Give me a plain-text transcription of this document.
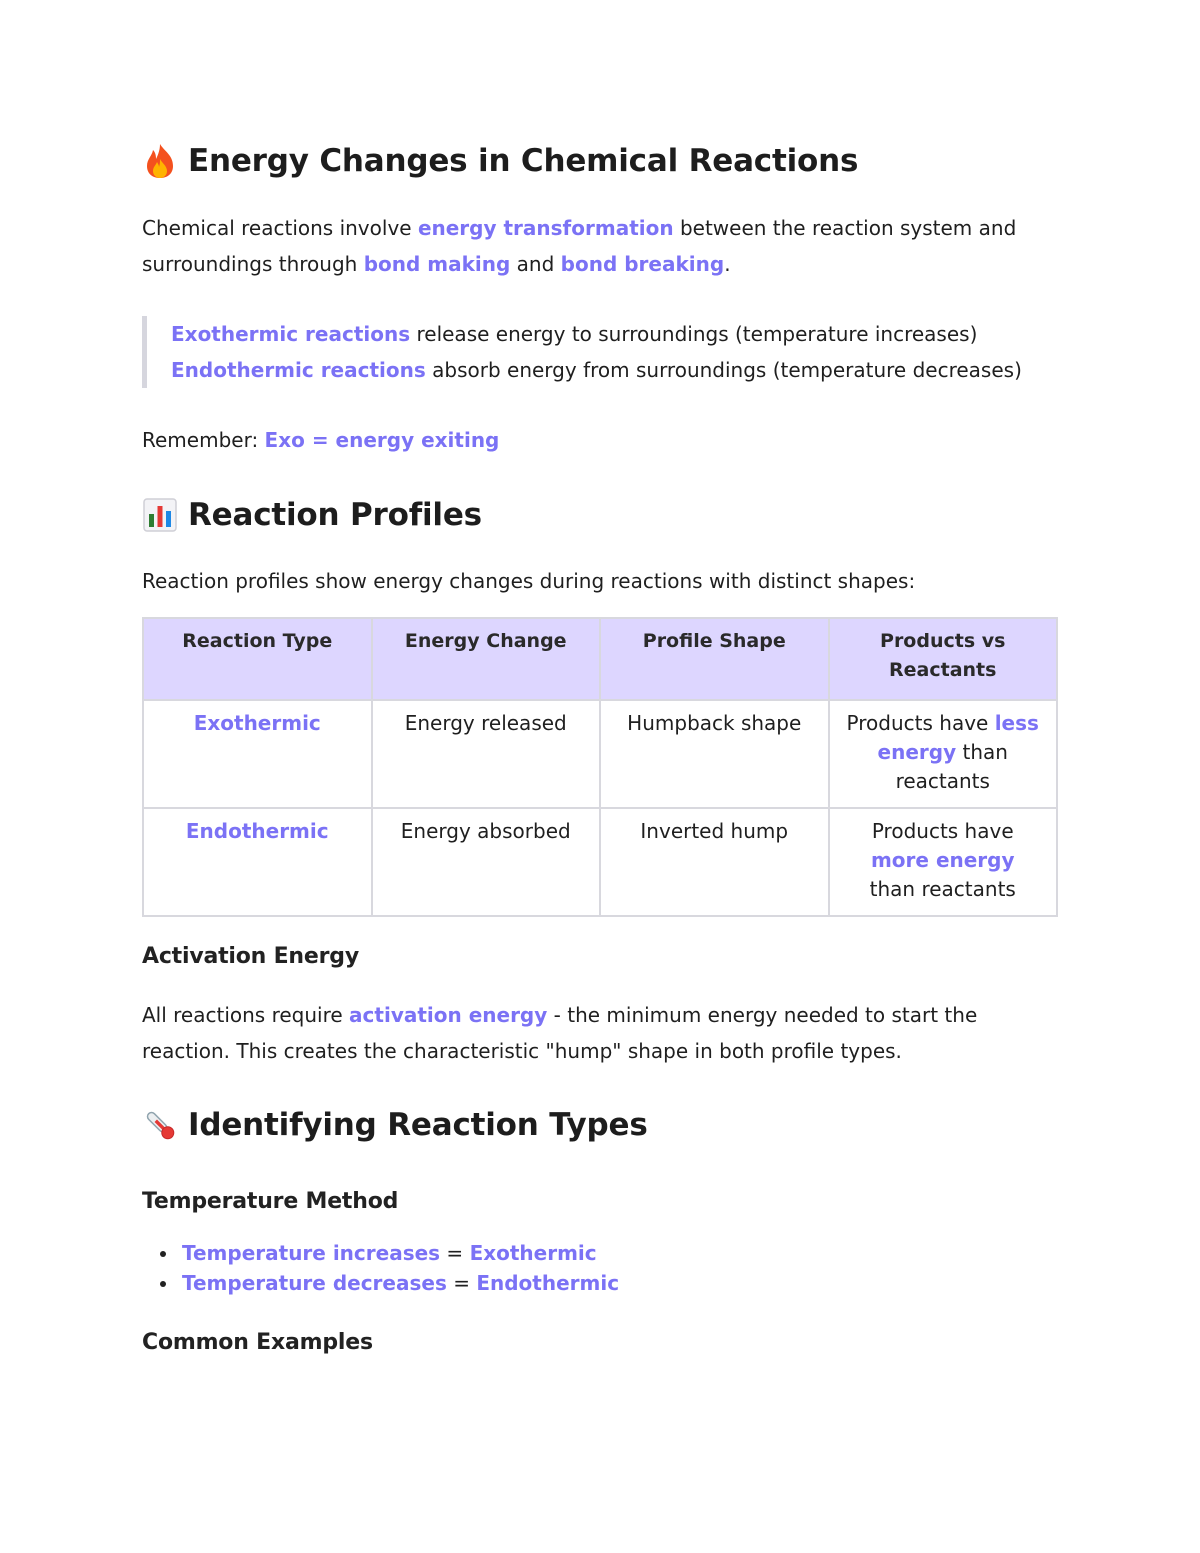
Energy Changes in Chemical Reactions

Chemical reactions involve energy transformation between the reaction system and surroundings through bond making and bond breaking.

Exothermic reactions release energy to surroundings (temperature increases)
Endothermic reactions absorb energy from surroundings (temperature decreases)

Remember: Exo = energy exiting

Reaction Profiles

Reaction profiles show energy changes during reactions with distinct shapes:

Reaction Type	Energy Change	Profile Shape	Products vs Reactants
Exothermic	Energy released	Humpback shape	Products have less energy than reactants
Endothermic	Energy absorbed	Inverted hump	Products have more energy than reactants
Activation Energy

All reactions require activation energy - the minimum energy needed to start the reaction. This creates the characteristic "hump" shape in both profile types.

Identifying Reaction Types
Temperature Method
Temperature increases = Exothermic
Temperature decreases = Endothermic
Common Examples
